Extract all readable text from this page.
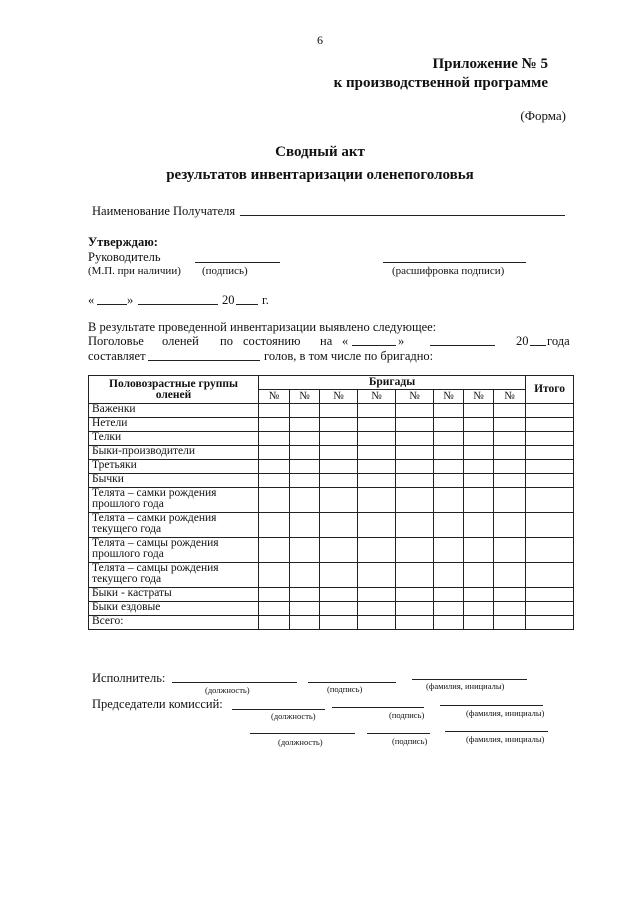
6
Приложение № 5
к производственной программе
(Форма)
Сводный акт
результатов инвентаризации оленепоголовья
Наименование Получателя
Утверждаю:
Руководитель
(М.П. при наличии) (подпись)	(расшифровка подписи)
«	»	20 г.
В результате проведенной инвентаризации выявлено следующее:
Поголовье оленей по состоянию на «	»	20 года
составляет	голов, в том числе по бригадно:
Половозрастные группы оленей	Бригады								Итого
	№	№	№	№	№	№	№	№	
Важенки									
Нетели									
Телки									
Быки-производители									
Третьяки									
Бычки									
Телята – самки рождения прошлого года									
Телята – самки рождения текущего года									
Телята – самцы рождения прошлого года									
Телята – самцы рождения текущего года									
Быки - кастраты									
Быки ездовые									
Всего:									
Исполнитель:
(должность)	(подпись)	(фамилия, инициалы)
Председатели комиссий:
(должность)	(подпись)	(фамилия, инициалы)
(должность)	(подпись)	(фамилия, инициалы)
